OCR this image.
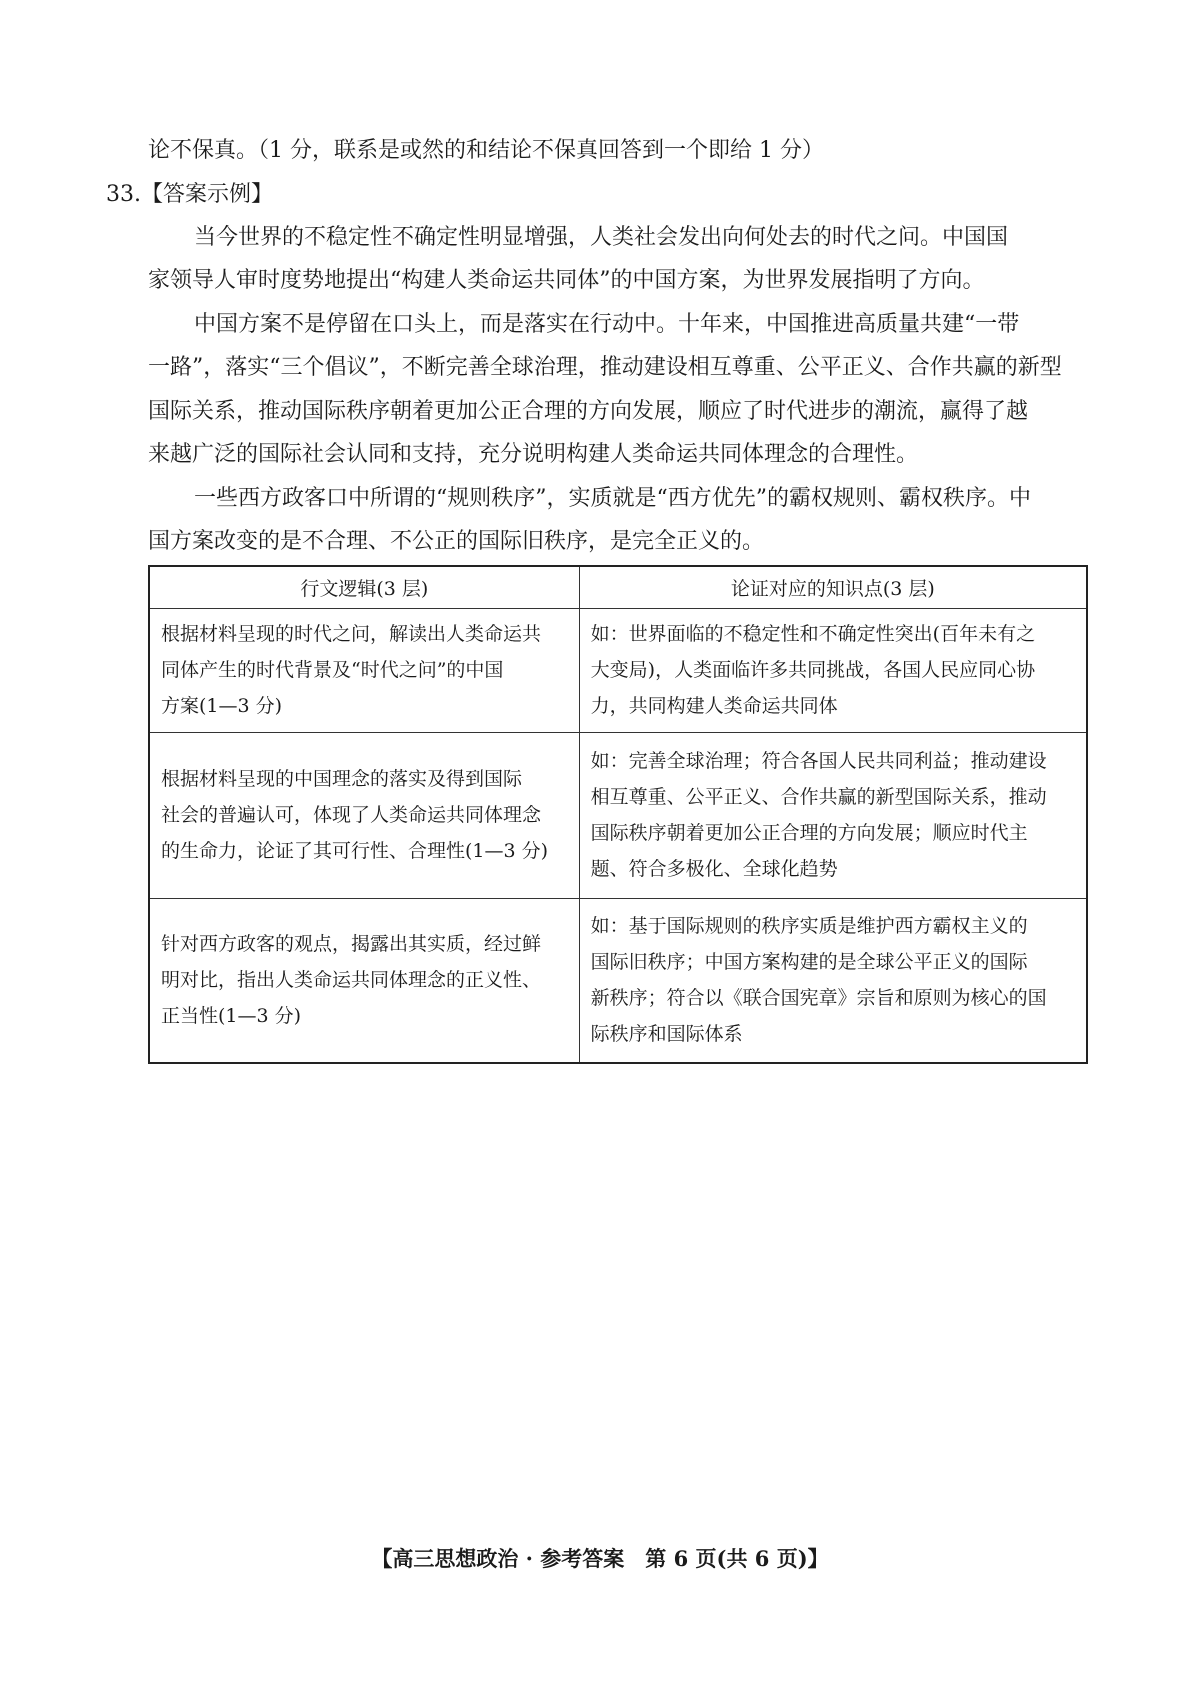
论不保真。（1 分，联系是或然的和结论不保真回答到一个即给 1 分）
33.【答案示例】
当今世界的不稳定性不确定性明显增强，人类社会发出向何处去的时代之问。中国国
家领导人审时度势地提出“构建人类命运共同体”的中国方案，为世界发展指明了方向。
中国方案不是停留在口头上，而是落实在行动中。十年来，中国推进高质量共建“一带
一路”，落实“三个倡议”，不断完善全球治理，推动建设相互尊重、公平正义、合作共赢的新型
国际关系，推动国际秩序朝着更加公正合理的方向发展，顺应了时代进步的潮流，赢得了越
来越广泛的国际社会认同和支持，充分说明构建人类命运共同体理念的合理性。
一些西方政客口中所谓的“规则秩序”，实质就是“西方优先”的霸权规则、霸权秩序。中
国方案改变的是不合理、不公正的国际旧秩序，是完全正义的。
行文逻辑(3 层)	论证对应的知识点(3 层)

根据材料呈现的时代之问，解读出人类命运共
同体产生的时代背景及“时代之问”的中国
方案(1—3 分)	如：世界面临的不稳定性和不确定性突出(百年未有之
大变局)，人类面临许多共同挑战，各国人民应同心协
力，共同构建人类命运共同体

根据材料呈现的中国理念的落实及得到国际
社会的普遍认可，体现了人类命运共同体理念
的生命力，论证了其可行性、合理性(1—3 分)	如：完善全球治理；符合各国人民共同利益；推动建设
相互尊重、公平正义、合作共赢的新型国际关系，推动
国际秩序朝着更加公正合理的方向发展；顺应时代主
题、符合多极化、全球化趋势

针对西方政客的观点，揭露出其实质，经过鲜
明对比，指出人类命运共同体理念的正义性、
正当性(1—3 分)	如：基于国际规则的秩序实质是维护西方霸权主义的
国际旧秩序；中国方案构建的是全球公平正义的国际
新秩序；符合以《联合国宪章》宗旨和原则为核心的国
际秩序和国际体系
【高三思想政治 · 参考答案　第 6 页(共 6 页)】
